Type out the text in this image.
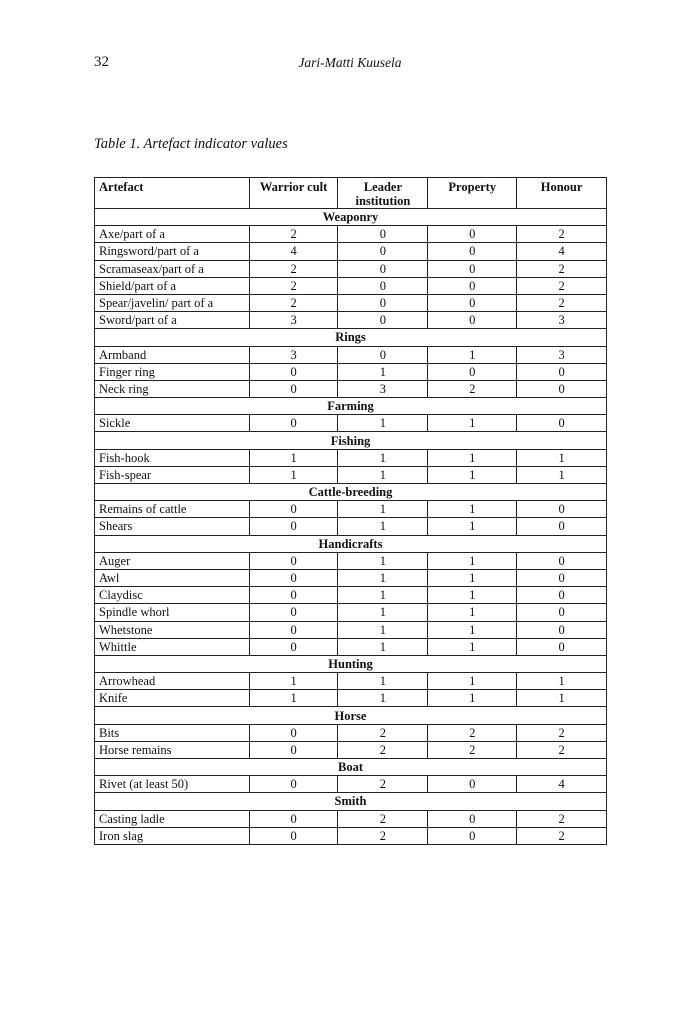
32	Jari-Matti Kuusela
Table 1. Artefact indicator values
Artefact	Warrior cult	Leader institution	Property	Honour
Weaponry				
Axe/part of a	2	0	0	2
Ringsword/part of a	4	0	0	4
Scramaseax/part of a	2	0	0	2
Shield/part of a	2	0	0	2
Spear/javelin/ part of a	2	0	0	2
Sword/part of a	3	0	0	3
Rings				
Armband	3	0	1	3
Finger ring	0	1	0	0
Neck ring	0	3	2	0
Farming				
Sickle	0	1	1	0
Fishing				
Fish-hook	1	1	1	1
Fish-spear	1	1	1	1
Cattle-breeding				
Remains of cattle	0	1	1	0
Shears	0	1	1	0
Handicrafts				
Auger	0	1	1	0
Awl	0	1	1	0
Claydisc	0	1	1	0
Spindle whorl	0	1	1	0
Whetstone	0	1	1	0
Whittle	0	1	1	0
Hunting				
Arrowhead	1	1	1	1
Knife	1	1	1	1
Horse				
Bits	0	2	2	2
Horse remains	0	2	2	2
Boat				
Rivet (at least 50)	0	2	0	4
Smith				
Casting ladle	0	2	0	2
Iron slag	0	2	0	2
